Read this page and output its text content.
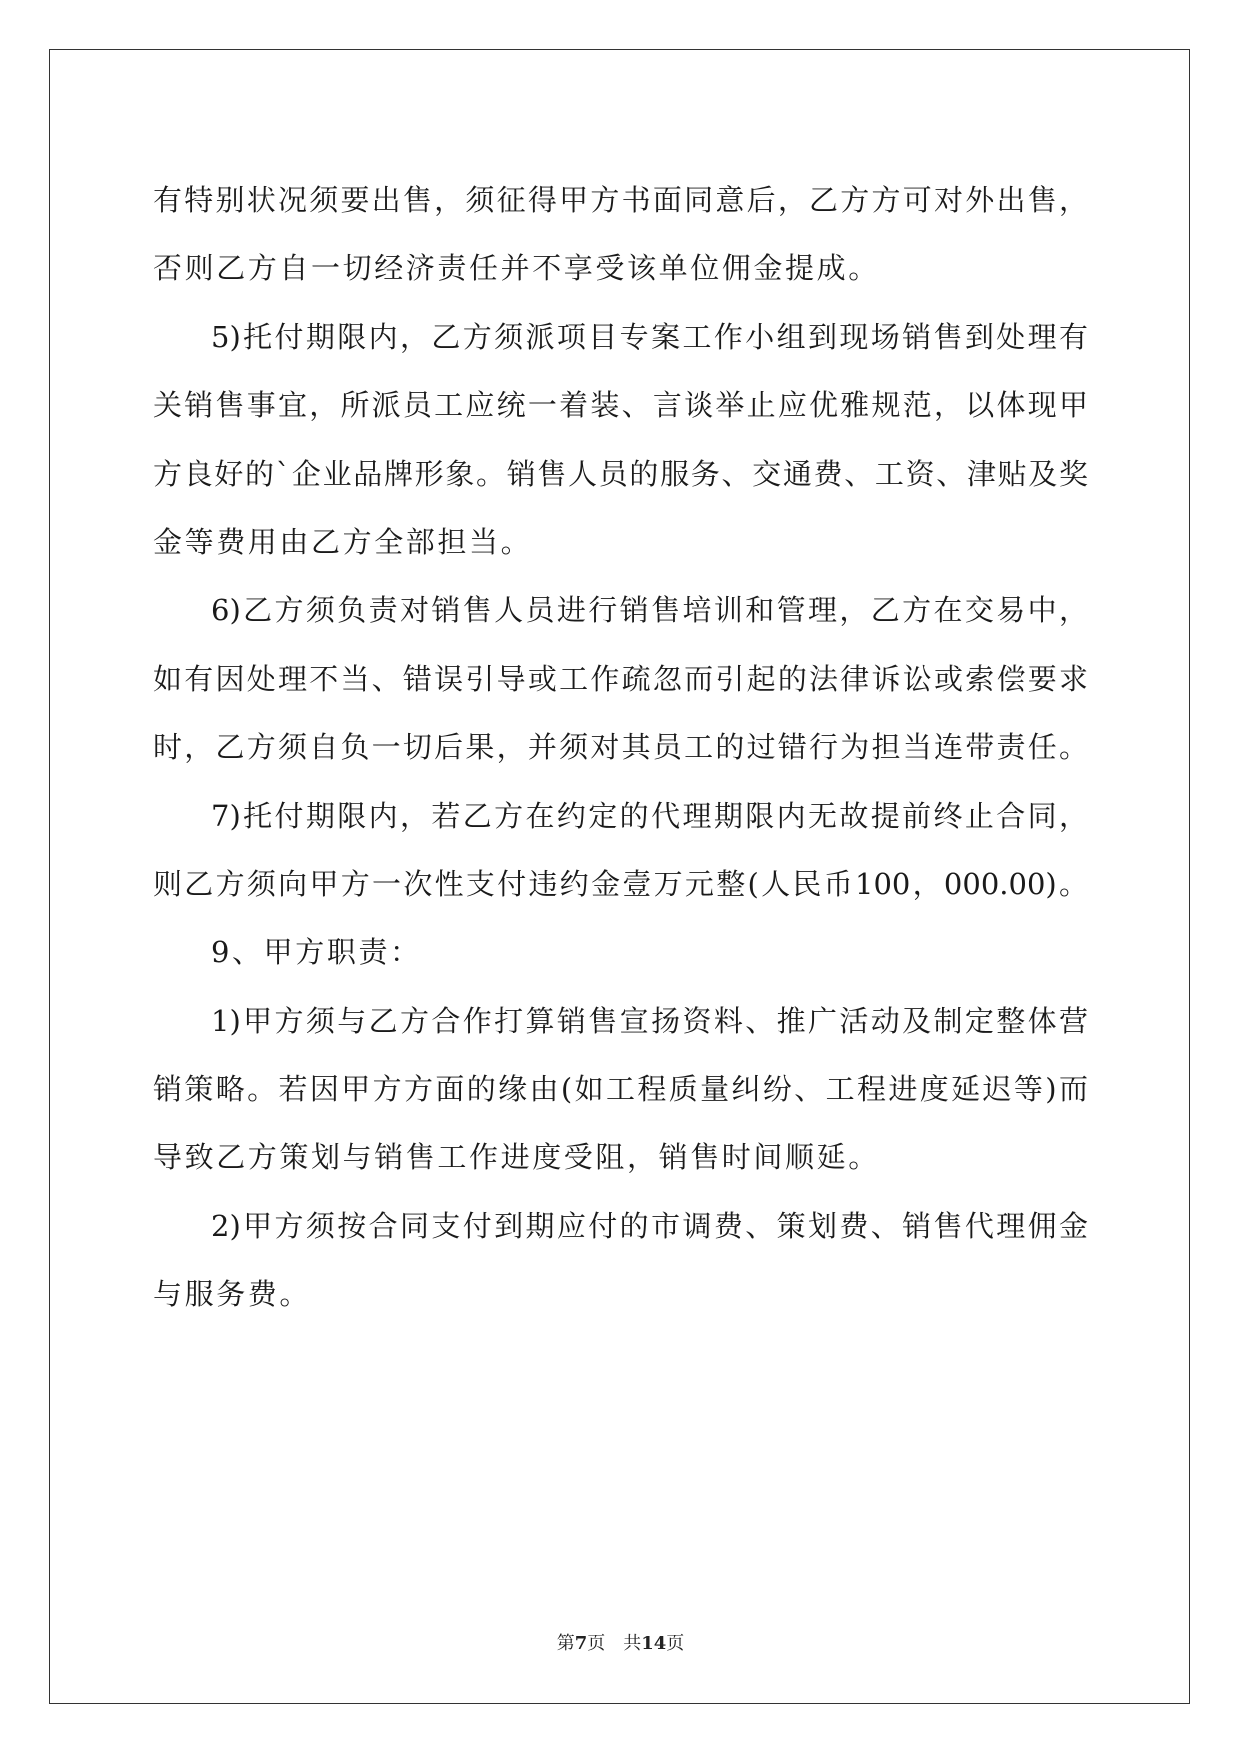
有特别状况须要出售，须征得甲方书面同意后，乙方方可对外出售，
否则乙方自一切经济责任并不享受该单位佣金提成。
5)托付期限内，乙方须派项目专案工作小组到现场销售到处理有
关销售事宜，所派员工应统一着装、言谈举止应优雅规范，以体现甲
方良好的`企业品牌形象。销售人员的服务、交通费、工资、津贴及奖
金等费用由乙方全部担当。
6)乙方须负责对销售人员进行销售培训和管理，乙方在交易中，
如有因处理不当、错误引导或工作疏忽而引起的法律诉讼或索偿要求
时，乙方须自负一切后果，并须对其员工的过错行为担当连带责任。
7)托付期限内，若乙方在约定的代理期限内无故提前终止合同，
则乙方须向甲方一次性支付违约金壹万元整(人民币100，000.00)。
9、甲方职责：
1)甲方须与乙方合作打算销售宣扬资料、推广活动及制定整体营
销策略。若因甲方方面的缘由(如工程质量纠纷、工程进度延迟等)而
导致乙方策划与销售工作进度受阻，销售时间顺延。
2)甲方须按合同支付到期应付的市调费、策划费、销售代理佣金
与服务费。
第7页 共14页
